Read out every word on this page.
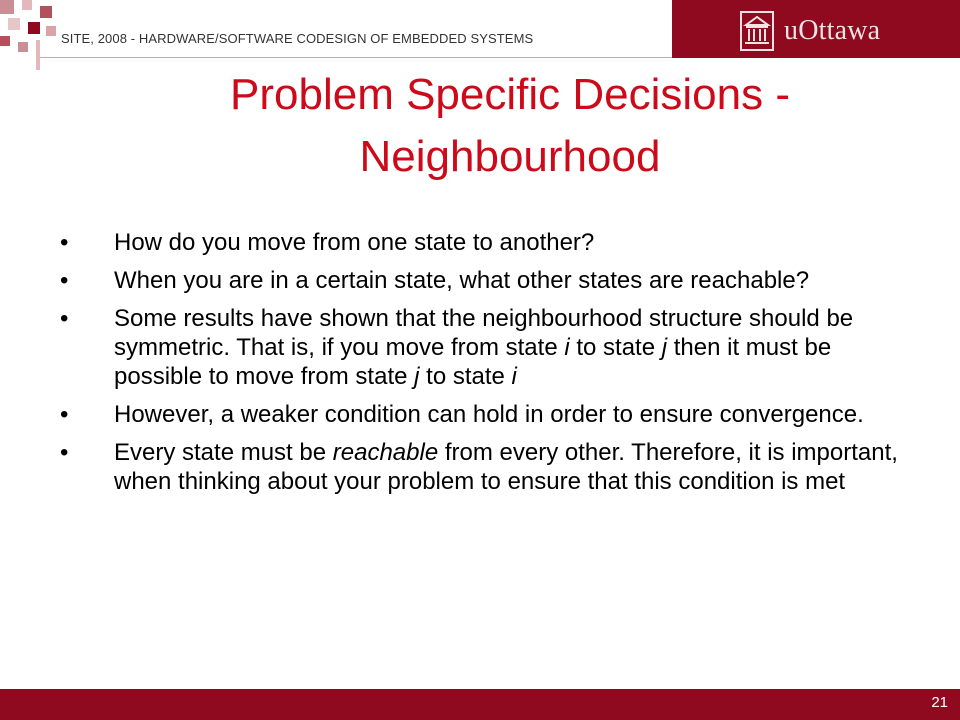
SITE, 2008 - HARDWARE/SOFTWARE CODESIGN OF EMBEDDED SYSTEMS	uOttawa
Problem Specific Decisions - Neighbourhood
• How do you move from one state to another?
• When you are in a certain state, what other states are reachable?
• Some results have shown that the neighbourhood structure should be symmetric. That is, if you move from state i to state j then it must be possible to move from state j to state i
• However, a weaker condition can hold in order to ensure convergence.
• Every state must be reachable from every other. Therefore, it is important, when thinking about your problem to ensure that this condition is met
21
